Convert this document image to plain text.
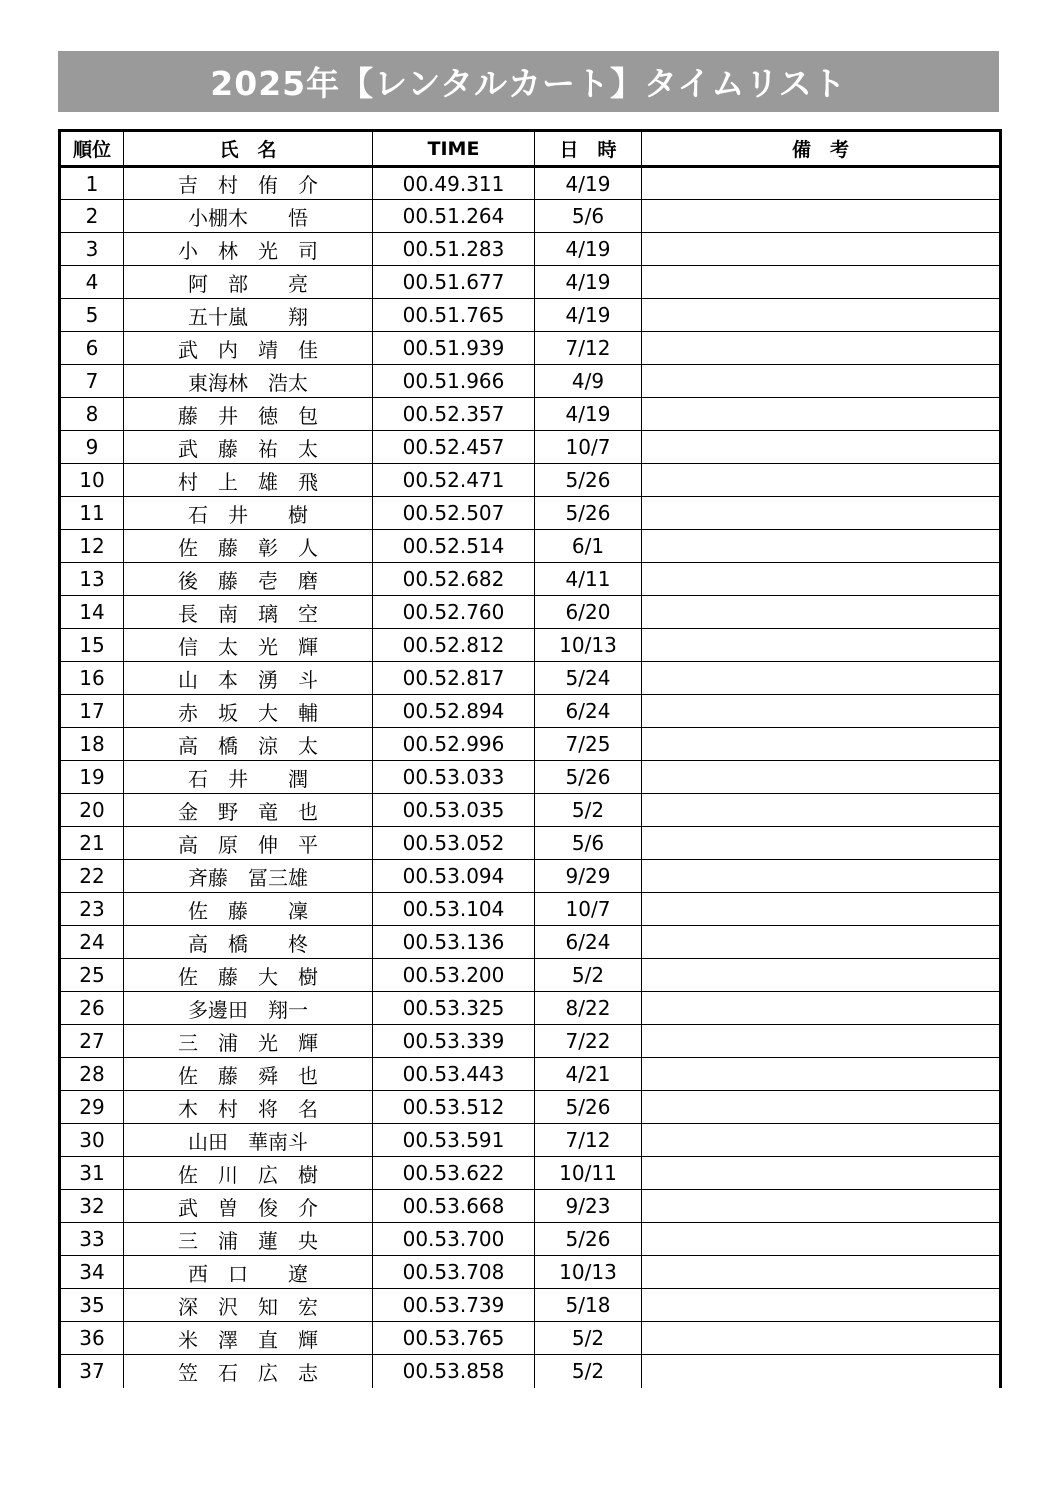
2025年【レンタルカート】タイムリスト
順位	氏　名	TIME	日　時	備　考
1	吉　村　侑　介	00.49.311	4/19	
2	小棚木　　悟	00.51.264	5/6	
3	小　林　光　司	00.51.283	4/19	
4	阿　部　　亮	00.51.677	4/19	
5	五十嵐　　翔	00.51.765	4/19	
6	武　内　靖　佳	00.51.939	7/12	
7	東海林　浩太	00.51.966	4/9	
8	藤　井　徳　包	00.52.357	4/19	
9	武　藤　祐　太	00.52.457	10/7	
10	村　上　雄　飛	00.52.471	5/26	
11	石　井　　樹	00.52.507	5/26	
12	佐　藤　彰　人	00.52.514	6/1	
13	後　藤　壱　磨	00.52.682	4/11	
14	長　南　璃　空	00.52.760	6/20	
15	信　太　光　輝	00.52.812	10/13	
16	山　本　湧　斗	00.52.817	5/24	
17	赤　坂　大　輔	00.52.894	6/24	
18	高　橋　涼　太	00.52.996	7/25	
19	石　井　　潤	00.53.033	5/26	
20	金　野　竜　也	00.53.035	5/2	
21	高　原　伸　平	00.53.052	5/6	
22	斉藤　冨三雄	00.53.094	9/29	
23	佐　藤　　凜	00.53.104	10/7	
24	高　橋　　柊	00.53.136	6/24	
25	佐　藤　大　樹	00.53.200	5/2	
26	多邊田　翔一	00.53.325	8/22	
27	三　浦　光　輝	00.53.339	7/22	
28	佐　藤　舜　也	00.53.443	4/21	
29	木　村　将　名	00.53.512	5/26	
30	山田　華南斗	00.53.591	7/12	
31	佐　川　広　樹	00.53.622	10/11	
32	武　曽　俊　介	00.53.668	9/23	
33	三　浦　蓮　央	00.53.700	5/26	
34	西　口　　遼	00.53.708	10/13	
35	深　沢　知　宏	00.53.739	5/18	
36	米　澤　直　輝	00.53.765	5/2	
37	笠　石　広　志	00.53.858	5/2	
